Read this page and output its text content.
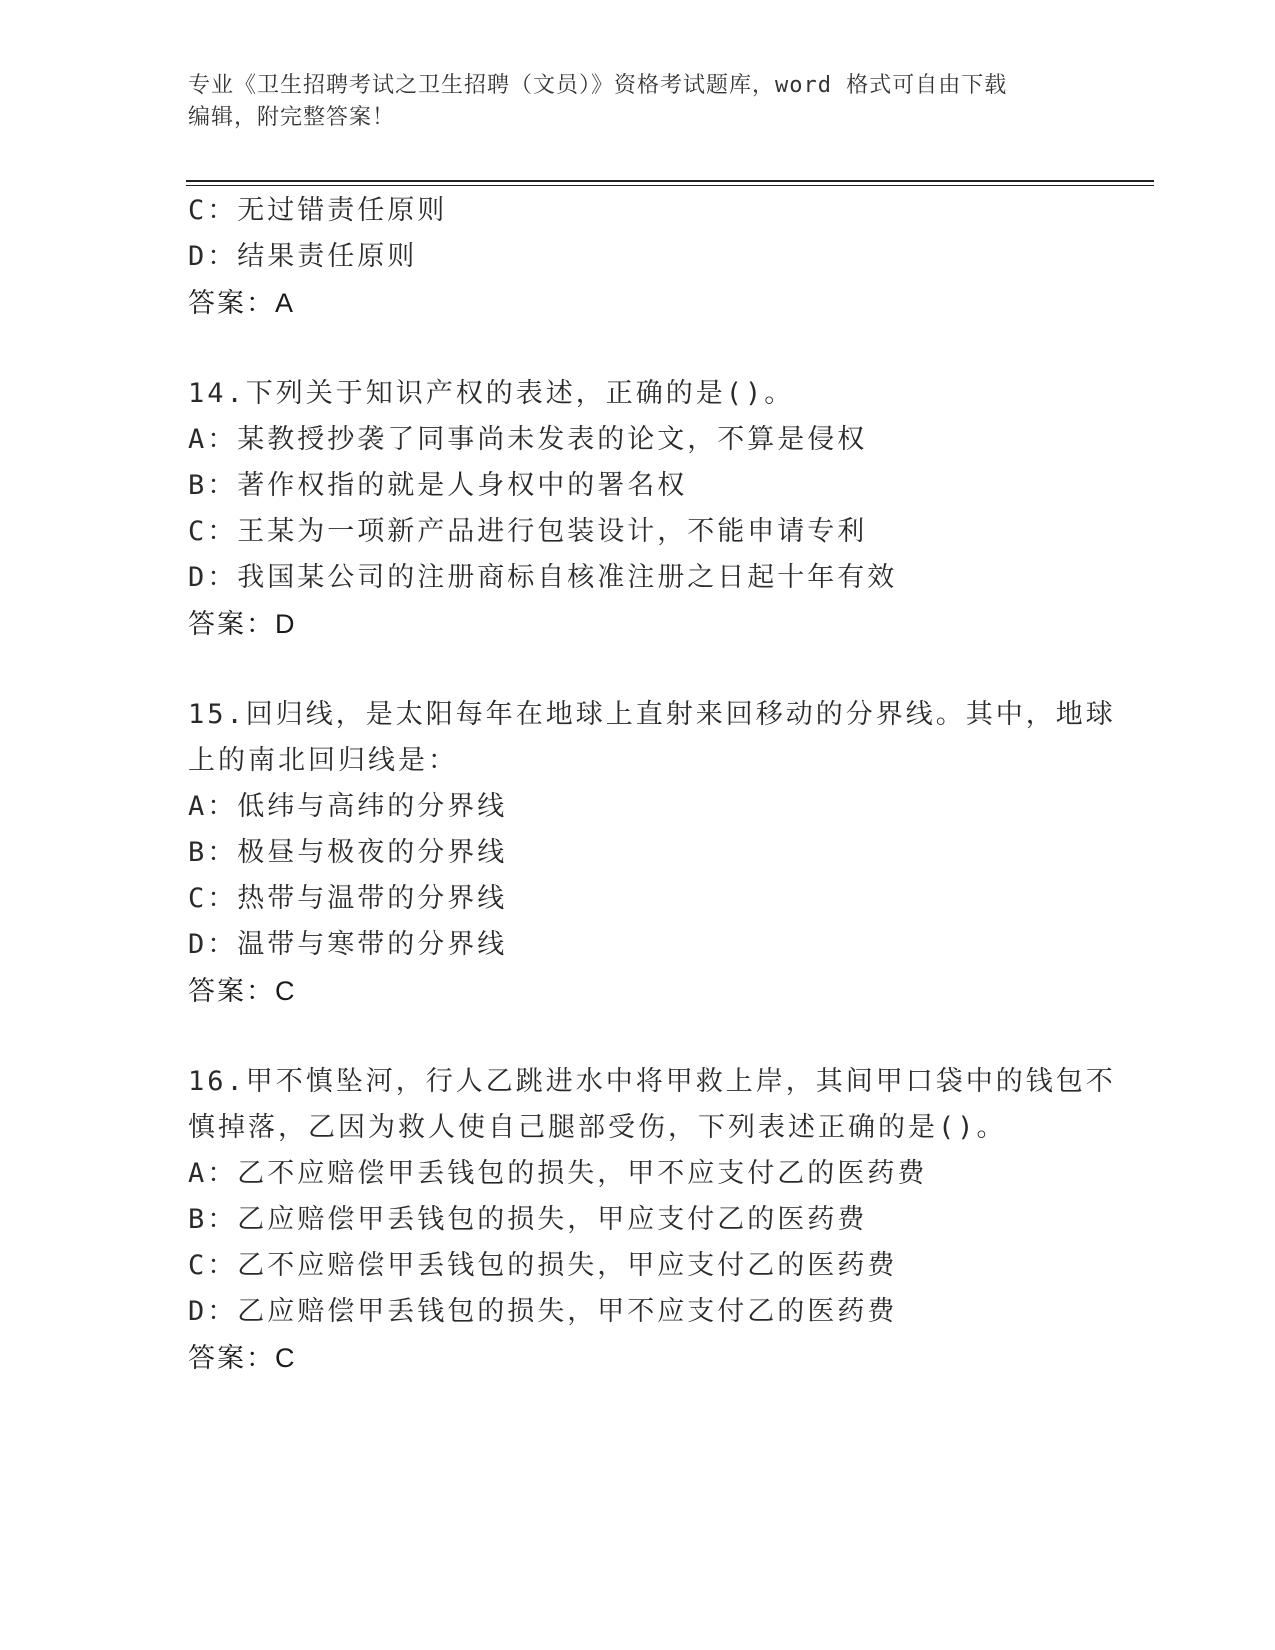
专业《卫生招聘考试之卫生招聘（文员）》资格考试题库，word 格式可自由下载
编辑，附完整答案！
C：无过错责任原则
D：结果责任原则
答案：A
14.下列关于知识产权的表述，正确的是()。
A：某教授抄袭了同事尚未发表的论文，不算是侵权
B：著作权指的就是人身权中的署名权
C：王某为一项新产品进行包装设计，不能申请专利
D：我国某公司的注册商标自核准注册之日起十年有效
答案：D
15.回归线，是太阳每年在地球上直射来回移动的分界线。其中，地球
上的南北回归线是：
A：低纬与高纬的分界线
B：极昼与极夜的分界线
C：热带与温带的分界线
D：温带与寒带的分界线
答案：C
16.甲不慎坠河，行人乙跳进水中将甲救上岸，其间甲口袋中的钱包不
慎掉落，乙因为救人使自己腿部受伤，下列表述正确的是()。
A：乙不应赔偿甲丢钱包的损失，甲不应支付乙的医药费
B：乙应赔偿甲丢钱包的损失，甲应支付乙的医药费
C：乙不应赔偿甲丢钱包的损失，甲应支付乙的医药费
D：乙应赔偿甲丢钱包的损失，甲不应支付乙的医药费
答案：C
